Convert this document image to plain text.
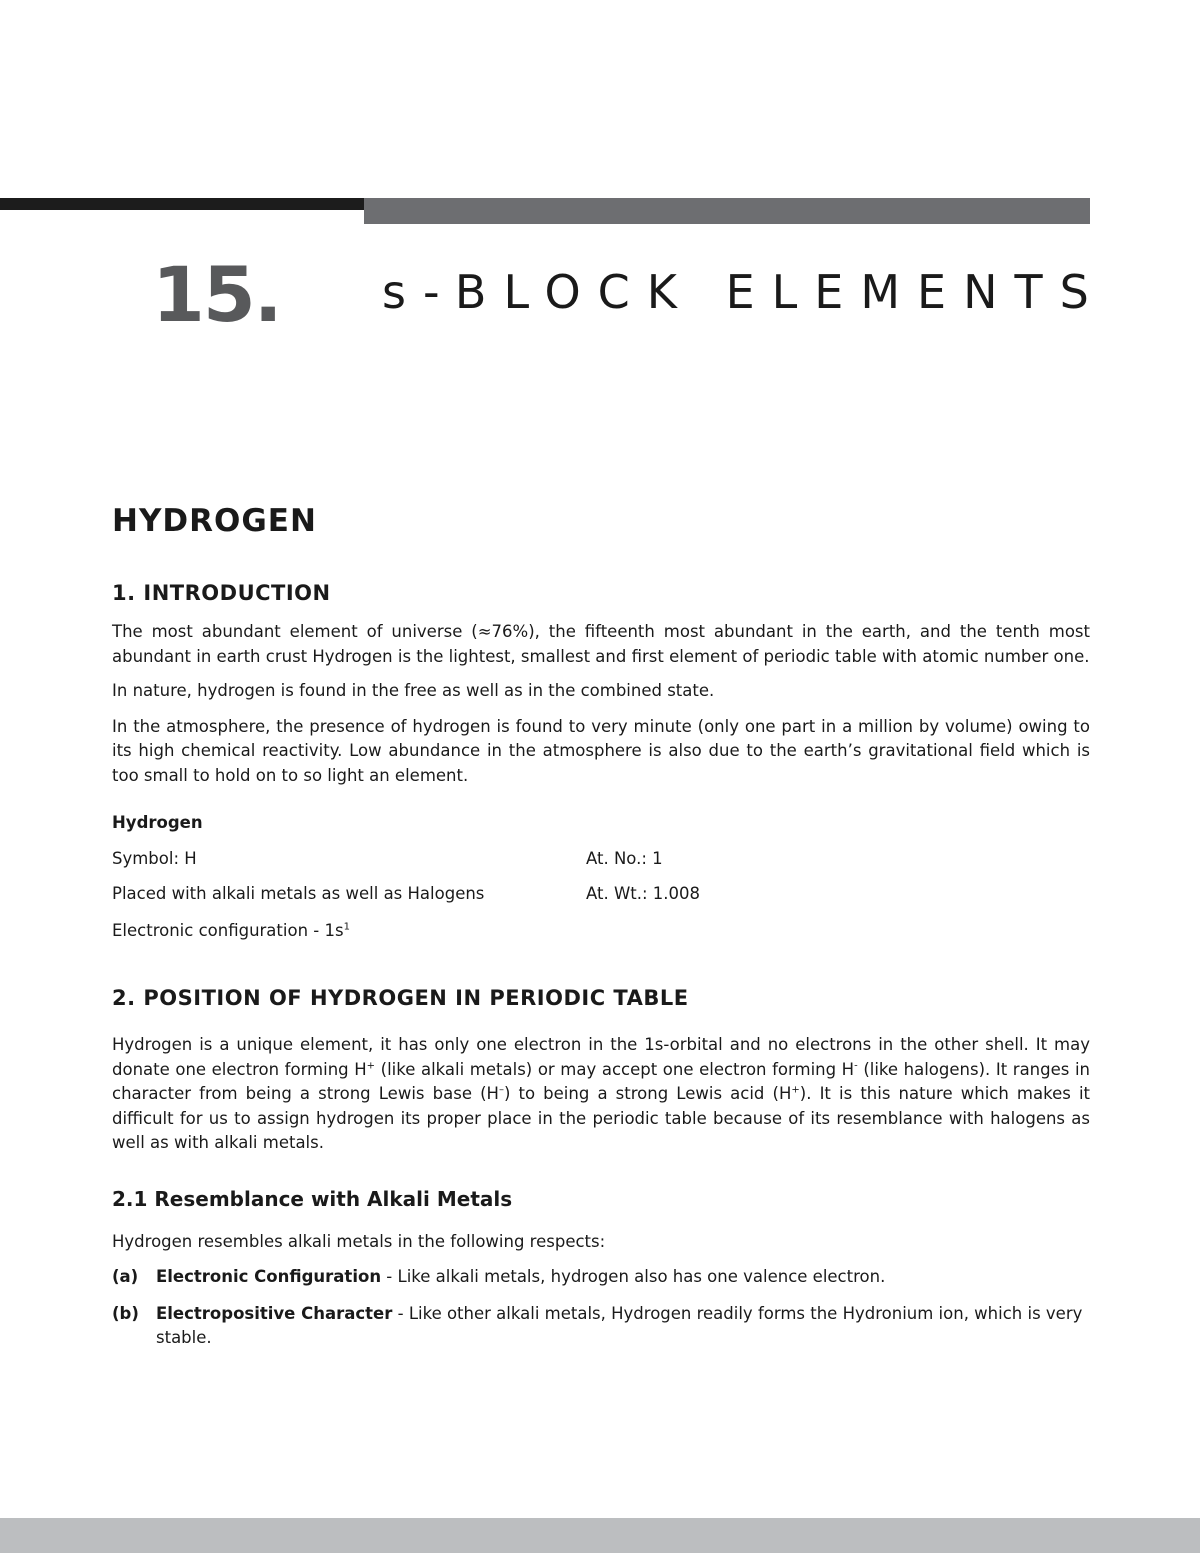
15. s-BLOCK ELEMENTS
HYDROGEN
1. INTRODUCTION

The most abundant element of universe (≈76%), the fifteenth most abundant in the earth, and the tenth most abundant in earth crust Hydrogen is the lightest, smallest and first element of periodic table with atomic number one.

In nature, hydrogen is found in the free as well as in the combined state.

In the atmosphere, the presence of hydrogen is found to very minute (only one part in a million by volume) owing to its high chemical reactivity. Low abundance in the atmosphere is also due to the earth’s gravitational field which is too small to hold on to so light an element.

Hydrogen

Symbol: H	At. No.: 1
Placed with alkali metals as well as Halogens	At. Wt.: 1.008

Electronic configuration - $1s^1$

2. POSITION OF HYDROGEN IN PERIODIC TABLE

Hydrogen is a unique element, it has only one electron in the 1s-orbital and no electrons in the other shell. It may donate one electron forming H+ (like alkali metals) or may accept one electron forming H- (like halogens). It ranges in character from being a strong Lewis base (H–) to being a strong Lewis acid (H+). It is this nature which makes it difficult for us to assign hydrogen its proper place in the periodic table because of its resemblance with halogens as well as with alkali metals.

2.1 Resemblance with Alkali Metals

Hydrogen resembles alkali metals in the following respects:

(a)	Electronic Configuration - Like alkali metals, hydrogen also has one valence electron.
(b)	Electropositive Character - Like other alkali metals, Hydrogen readily forms the Hydronium ion, which is very stable.
